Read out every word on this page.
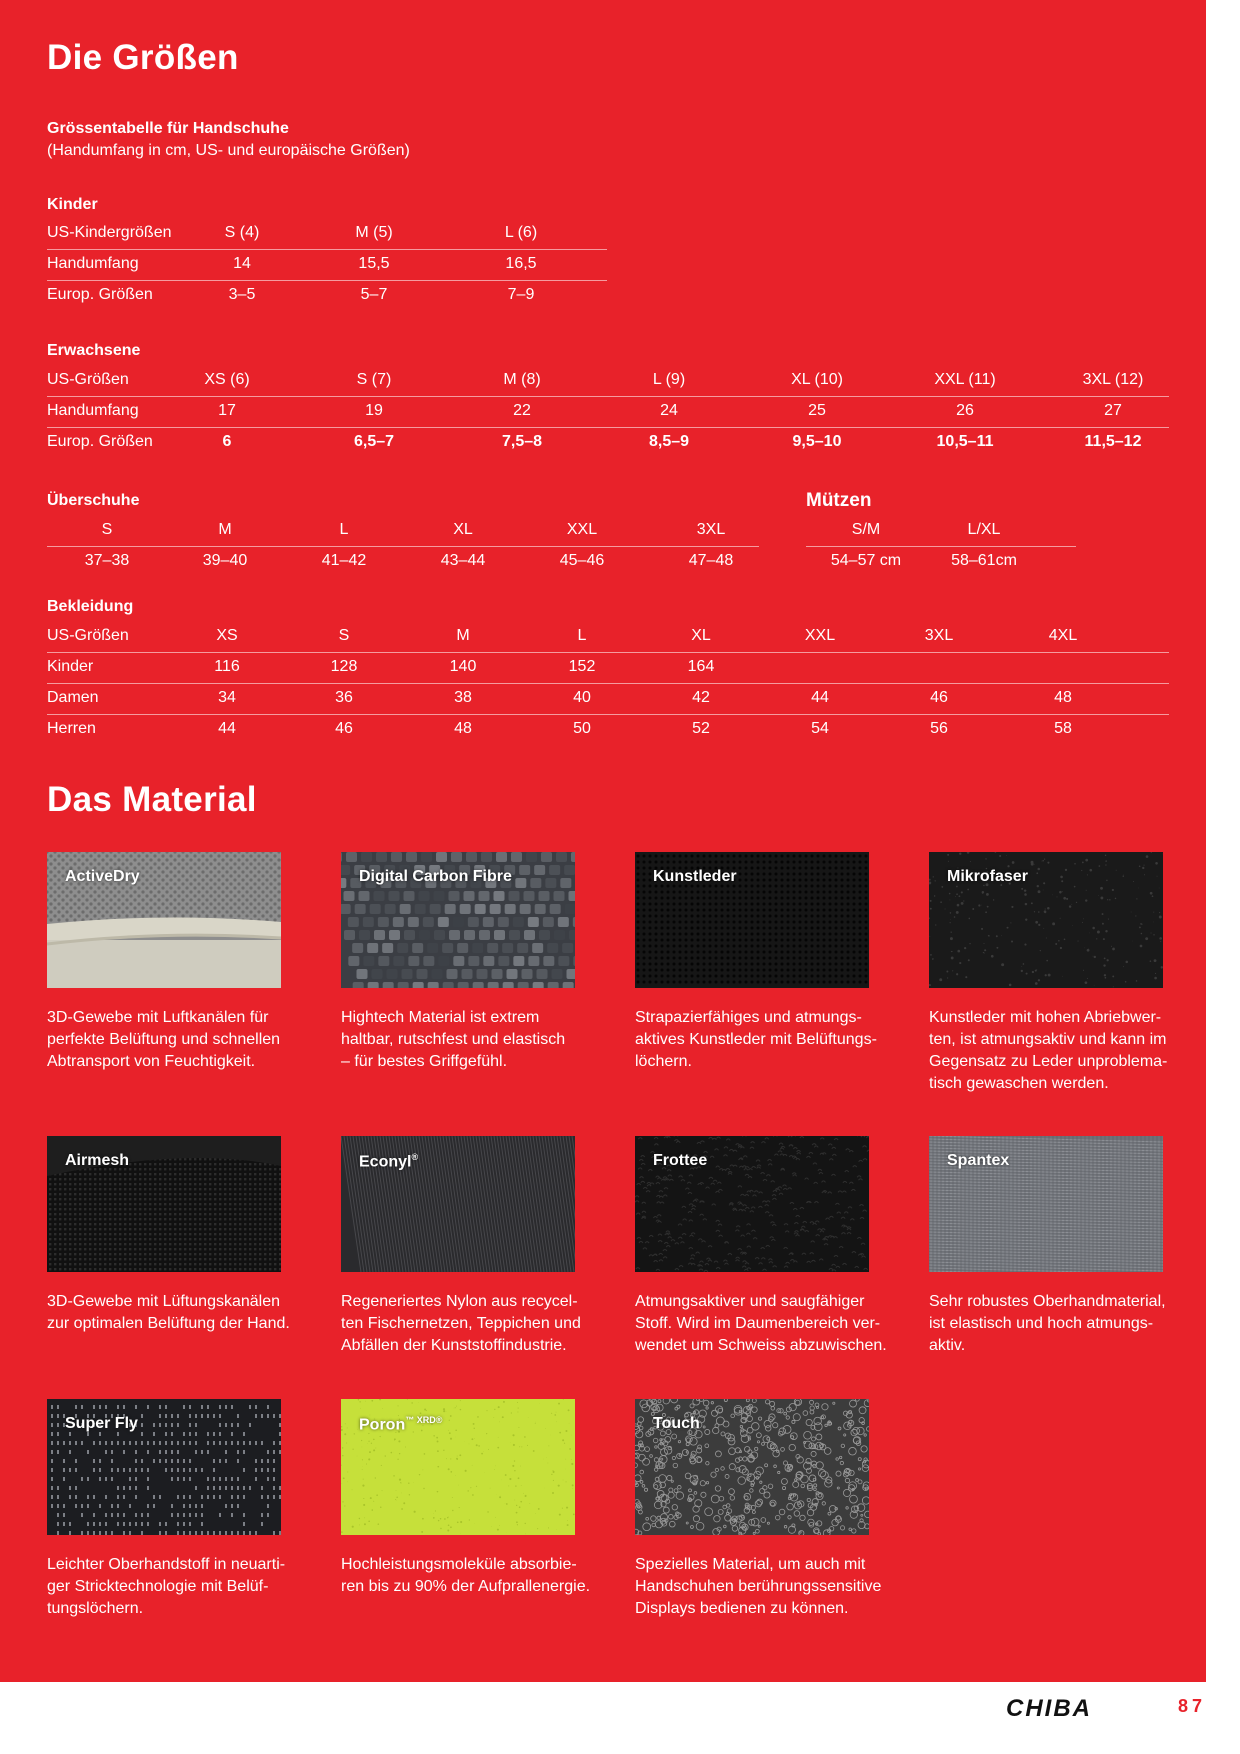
Die Größen
Grössentabelle für Handschuhe
(Handumfang in cm, US- und europäische Größen)
Kinder
US-Kindergrößen	S (4)	M (5)	L (6)
Handumfang	14	15,5	16,5
Europ. Größen	3–5	5–7	7–9
Erwachsene
US-Größen	XS (6)	S (7)	M (8)	L (9)	XL (10)	XXL (11)	3XL (12)
Handumfang	17	19	22	24	25	26	27
Europ. Größen	6	6,5–7	7,5–8	8,5–9	9,5–10	10,5–11	11,5–12
Überschuhe
S	M	L	XL	XXL	3XL
37–38	39–40	41–42	43–44	45–46	47–48
Mützen
S/M	L/XL
54–57 cm	58–61cm
Bekleidung
US-Größen	XS	S	M	L	XL	XXL	3XL	4XL
Kinder	116	128	140	152	164
Damen	34	36	38	40	42	44	46	48
Herren	44	46	48	50	52	54	56	58
Das Material
ActiveDry
3D-Gewebe mit Luftkanälen für
perfekte Belüftung und schnellen
Abtransport von Feuchtigkeit.
Digital Carbon Fibre
Hightech Material ist extrem
haltbar, rutschfest und elastisch
– für bestes Griffgefühl.
Kunstleder
Strapazierfähiges und atmungs-
aktives Kunstleder mit Belüftungs-
löchern.
Mikrofaser
Kunstleder mit hohen Abriebwer-
ten, ist atmungsaktiv und kann im
Gegensatz zu Leder unproblema-
tisch gewaschen werden.
Airmesh
3D-Gewebe mit Lüftungskanälen
zur optimalen Belüftung der Hand.
Econyl®
Regeneriertes Nylon aus recycel-
ten Fischernetzen, Teppichen und
Abfällen der Kunststoffindustrie.
Frottee
Atmungsaktiver und saugfähiger
Stoff. Wird im Daumenbereich ver-
wendet um Schweiss abzuwischen.
Spantex
Sehr robustes Oberhandmaterial,
ist elastisch und hoch atmungs-
aktiv.
Super Fly
Leichter Oberhandstoff in neuarti-
ger Stricktechnologie mit Belüf-
tungslöchern.
Poron$^{™ XRD®}$
Hochleistungsmoleküle absorbie-
ren bis zu 90% der Aufprallenergie.
Touch
Spezielles Material, um auch mit
Handschuhen berührungssensitive
Displays bedienen zu können.
CHIBA	87
